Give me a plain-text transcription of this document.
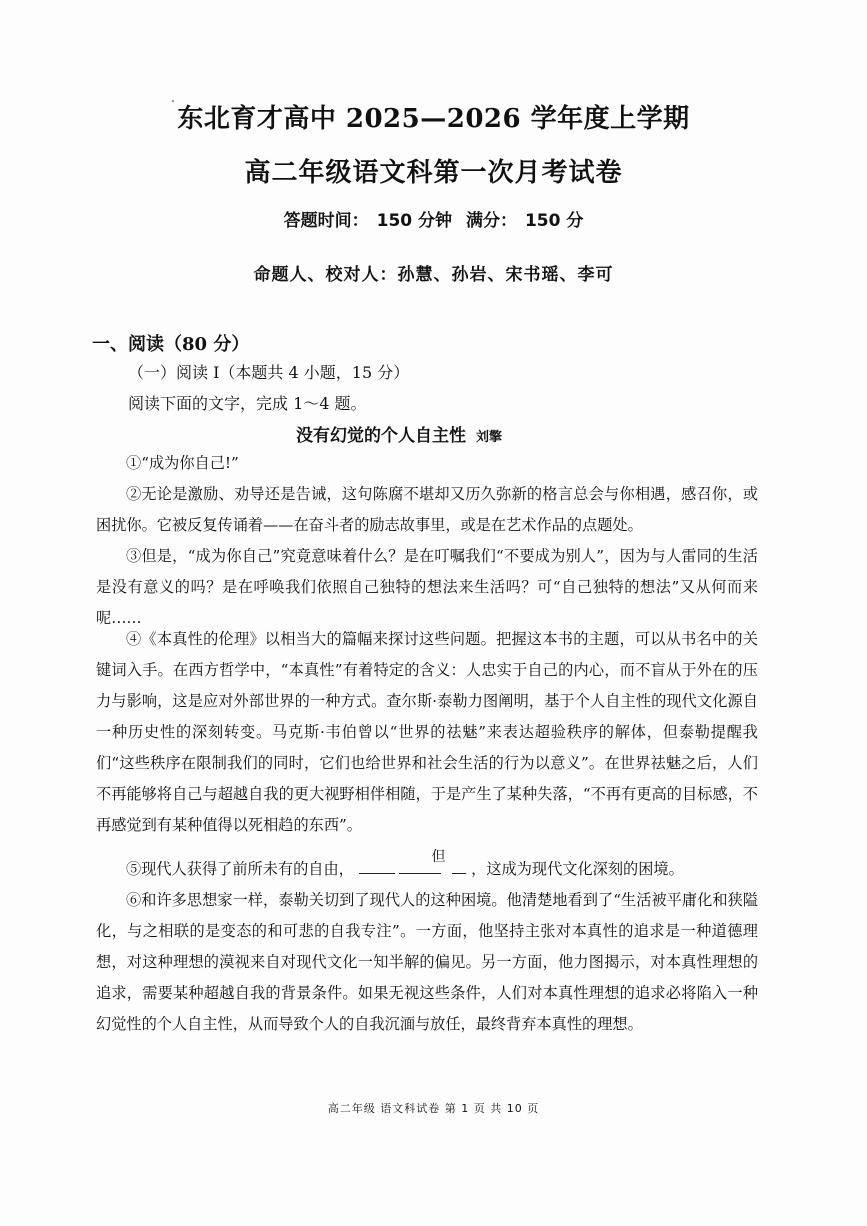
东北育才高中 2025—2026 学年度上学期
高二年级语文科第一次月考试卷
答题时间： 150 分钟 满分： 150 分
命题人、校对人：孙慧、孙岩、宋书瑶、李可
一、阅读（80 分）
（一）阅读 I（本题共 4 小题，15 分）
阅读下面的文字，完成 1～4 题。
没有幻觉的个人自主性 刘擎
①“成为你自己!”
②无论是激励、劝导还是告诫，这句陈腐不堪却又历久弥新的格言总会与你相遇，感召你，或困扰你。它被反复传诵着——在奋斗者的励志故事里，或是在艺术作品的点题处。
③但是，“成为你自己”究竟意味着什么？是在叮嘱我们“不要成为别人”，因为与人雷同的生活是没有意义的吗？是在呼唤我们依照自己独特的想法来生活吗？可“自己独特的想法”又从何而来呢……
④《本真性的伦理》以相当大的篇幅来探讨这些问题。把握这本书的主题，可以从书名中的关键词入手。在西方哲学中，“本真性”有着特定的含义：人忠实于自己的内心，而不盲从于外在的压力与影响，这是应对外部世界的一种方式。查尔斯·泰勒力图阐明，基于个人自主性的现代文化源自一种历史性的深刻转变。马克斯·韦伯曾以“世界的祛魅”来表达超验秩序的解体，但泰勒提醒我们“这些秩序在限制我们的同时，它们也给世界和社会生活的行为以意义”。在世界祛魅之后，人们不再能够将自己与超越自我的更大视野相伴相随，于是产生了某种失落，“不再有更高的目标感，不再感觉到有某种值得以死相趋的东西”。
⑤现代人获得了前所未有的自由，
但
，这成为现代文化深刻的困境。
⑥和许多思想家一样，泰勒关切到了现代人的这种困境。他清楚地看到了“生活被平庸化和狭隘化，与之相联的是变态的和可悲的自我专注”。一方面，他坚持主张对本真性的追求是一种道德理想，对这种理想的漠视来自对现代文化一知半解的偏见。另一方面，他力图揭示，对本真性理想的追求，需要某种超越自我的背景条件。如果无视这些条件，人们对本真性理想的追求必将陷入一种幻觉性的个人自主性，从而导致个人的自我沉湎与放任，最终背弃本真性的理想。
高二年级 语文科试卷 第 1 页 共 10 页
